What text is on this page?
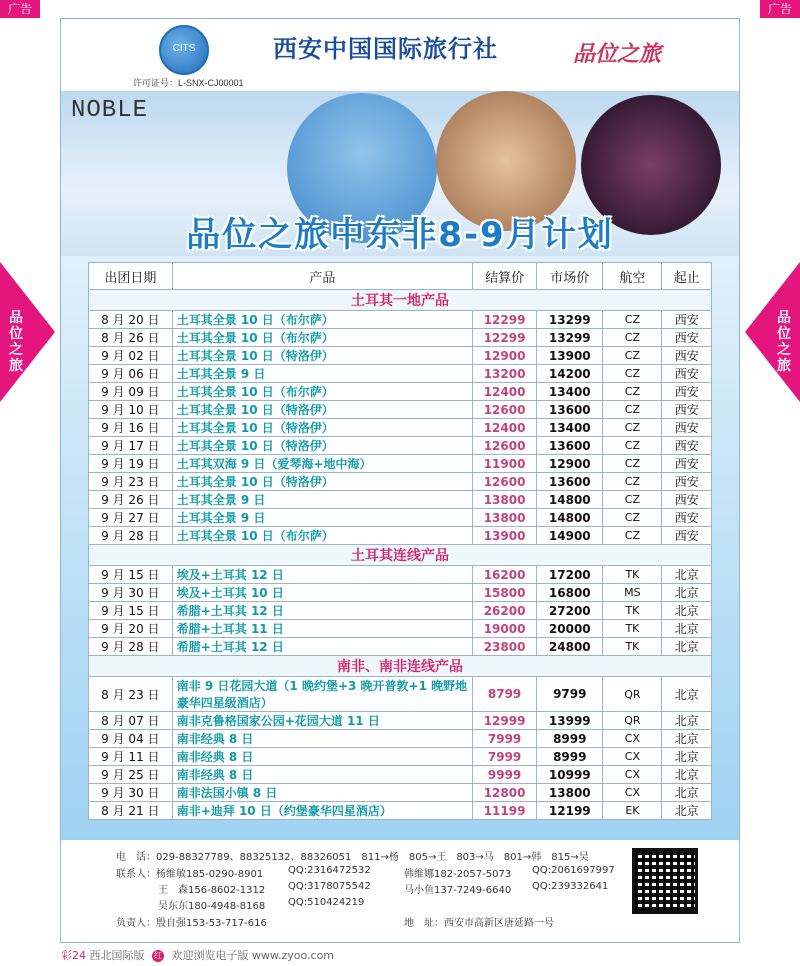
广告	广告
CITS
许可证号：L-SNX-CJ00001
西安中国国际旅行社	品位之旅
NOBLE
品位之旅中东非8-9月计划
品位之旅
品位之旅
出团日期	产品	结算价	市场价	航空	起止
土耳其一地产品					
8 月 20 日	土耳其全景 10 日（布尔萨）	12299	13299	CZ	西安
8 月 26 日	土耳其全景 10 日（布尔萨）	12299	13299	CZ	西安
9 月 02 日	土耳其全景 10 日（特洛伊）	12900	13900	CZ	西安
9 月 06 日	土耳其全景 9 日	13200	14200	CZ	西安
9 月 09 日	土耳其全景 10 日（布尔萨）	12400	13400	CZ	西安
9 月 10 日	土耳其全景 10 日（特洛伊）	12600	13600	CZ	西安
9 月 16 日	土耳其全景 10 日（特洛伊）	12400	13400	CZ	西安
9 月 17 日	土耳其全景 10 日（特洛伊）	12600	13600	CZ	西安
9 月 19 日	土耳其双海 9 日（爱琴海+地中海）	11900	12900	CZ	西安
9 月 23 日	土耳其全景 10 日（特洛伊）	12600	13600	CZ	西安
9 月 26 日	土耳其全景 9 日	13800	14800	CZ	西安
9 月 27 日	土耳其全景 9 日	13800	14800	CZ	西安
9 月 28 日	土耳其全景 10 日（布尔萨）	13900	14900	CZ	西安
土耳其连线产品					
9 月 15 日	埃及+土耳其 12 日	16200	17200	TK	北京
9 月 30 日	埃及+土耳其 10 日	15800	16800	MS	北京
9 月 15 日	希腊+土耳其 12 日	26200	27200	TK	北京
9 月 20 日	希腊+土耳其 11 日	19000	20000	TK	北京
9 月 28 日	希腊+土耳其 12 日	23800	24800	TK	北京
南非、南非连线产品					
8 月 23 日	南非 9 日花园大道（1 晚约堡+3 晚开普敦+1 晚野地 豪华四星级酒店）	8799	9799	QR	北京
8 月 07 日	南非克鲁格国家公园+花园大道 11 日	12999	13999	QR	北京
9 月 04 日	南非经典 8 日	7999	8999	CX	北京
9 月 11 日	南非经典 8 日	7999	8999	CX	北京
9 月 25 日	南非经典 8 日	9999	10999	CX	北京
9 月 30 日	南非法国小镇 8 日	12800	13800	CX	北京
8 月 21 日	南非+迪拜 10 日（约堡豪华四星酒店）	11199	12199	EK	北京
电　话：029-88327789、88325132、88326051　811→杨　805→王　803→马　801→韩　815→吴
联系人：杨维敏185-0290-8901 QQ:2316472532	韩维娜182-2057-5073 QQ:2061697997
王　森156-8602-1312 QQ:3178075542	马小鱼137-7249-6640 QQ:239332641
吴东东180-4948-8168 QQ:510424219
负责人：殷自强153-53-717-616	地　址：西安市高新区唐延路一号
彩24 西北国际版 红 欢迎浏览电子版 www.zyoo.com
